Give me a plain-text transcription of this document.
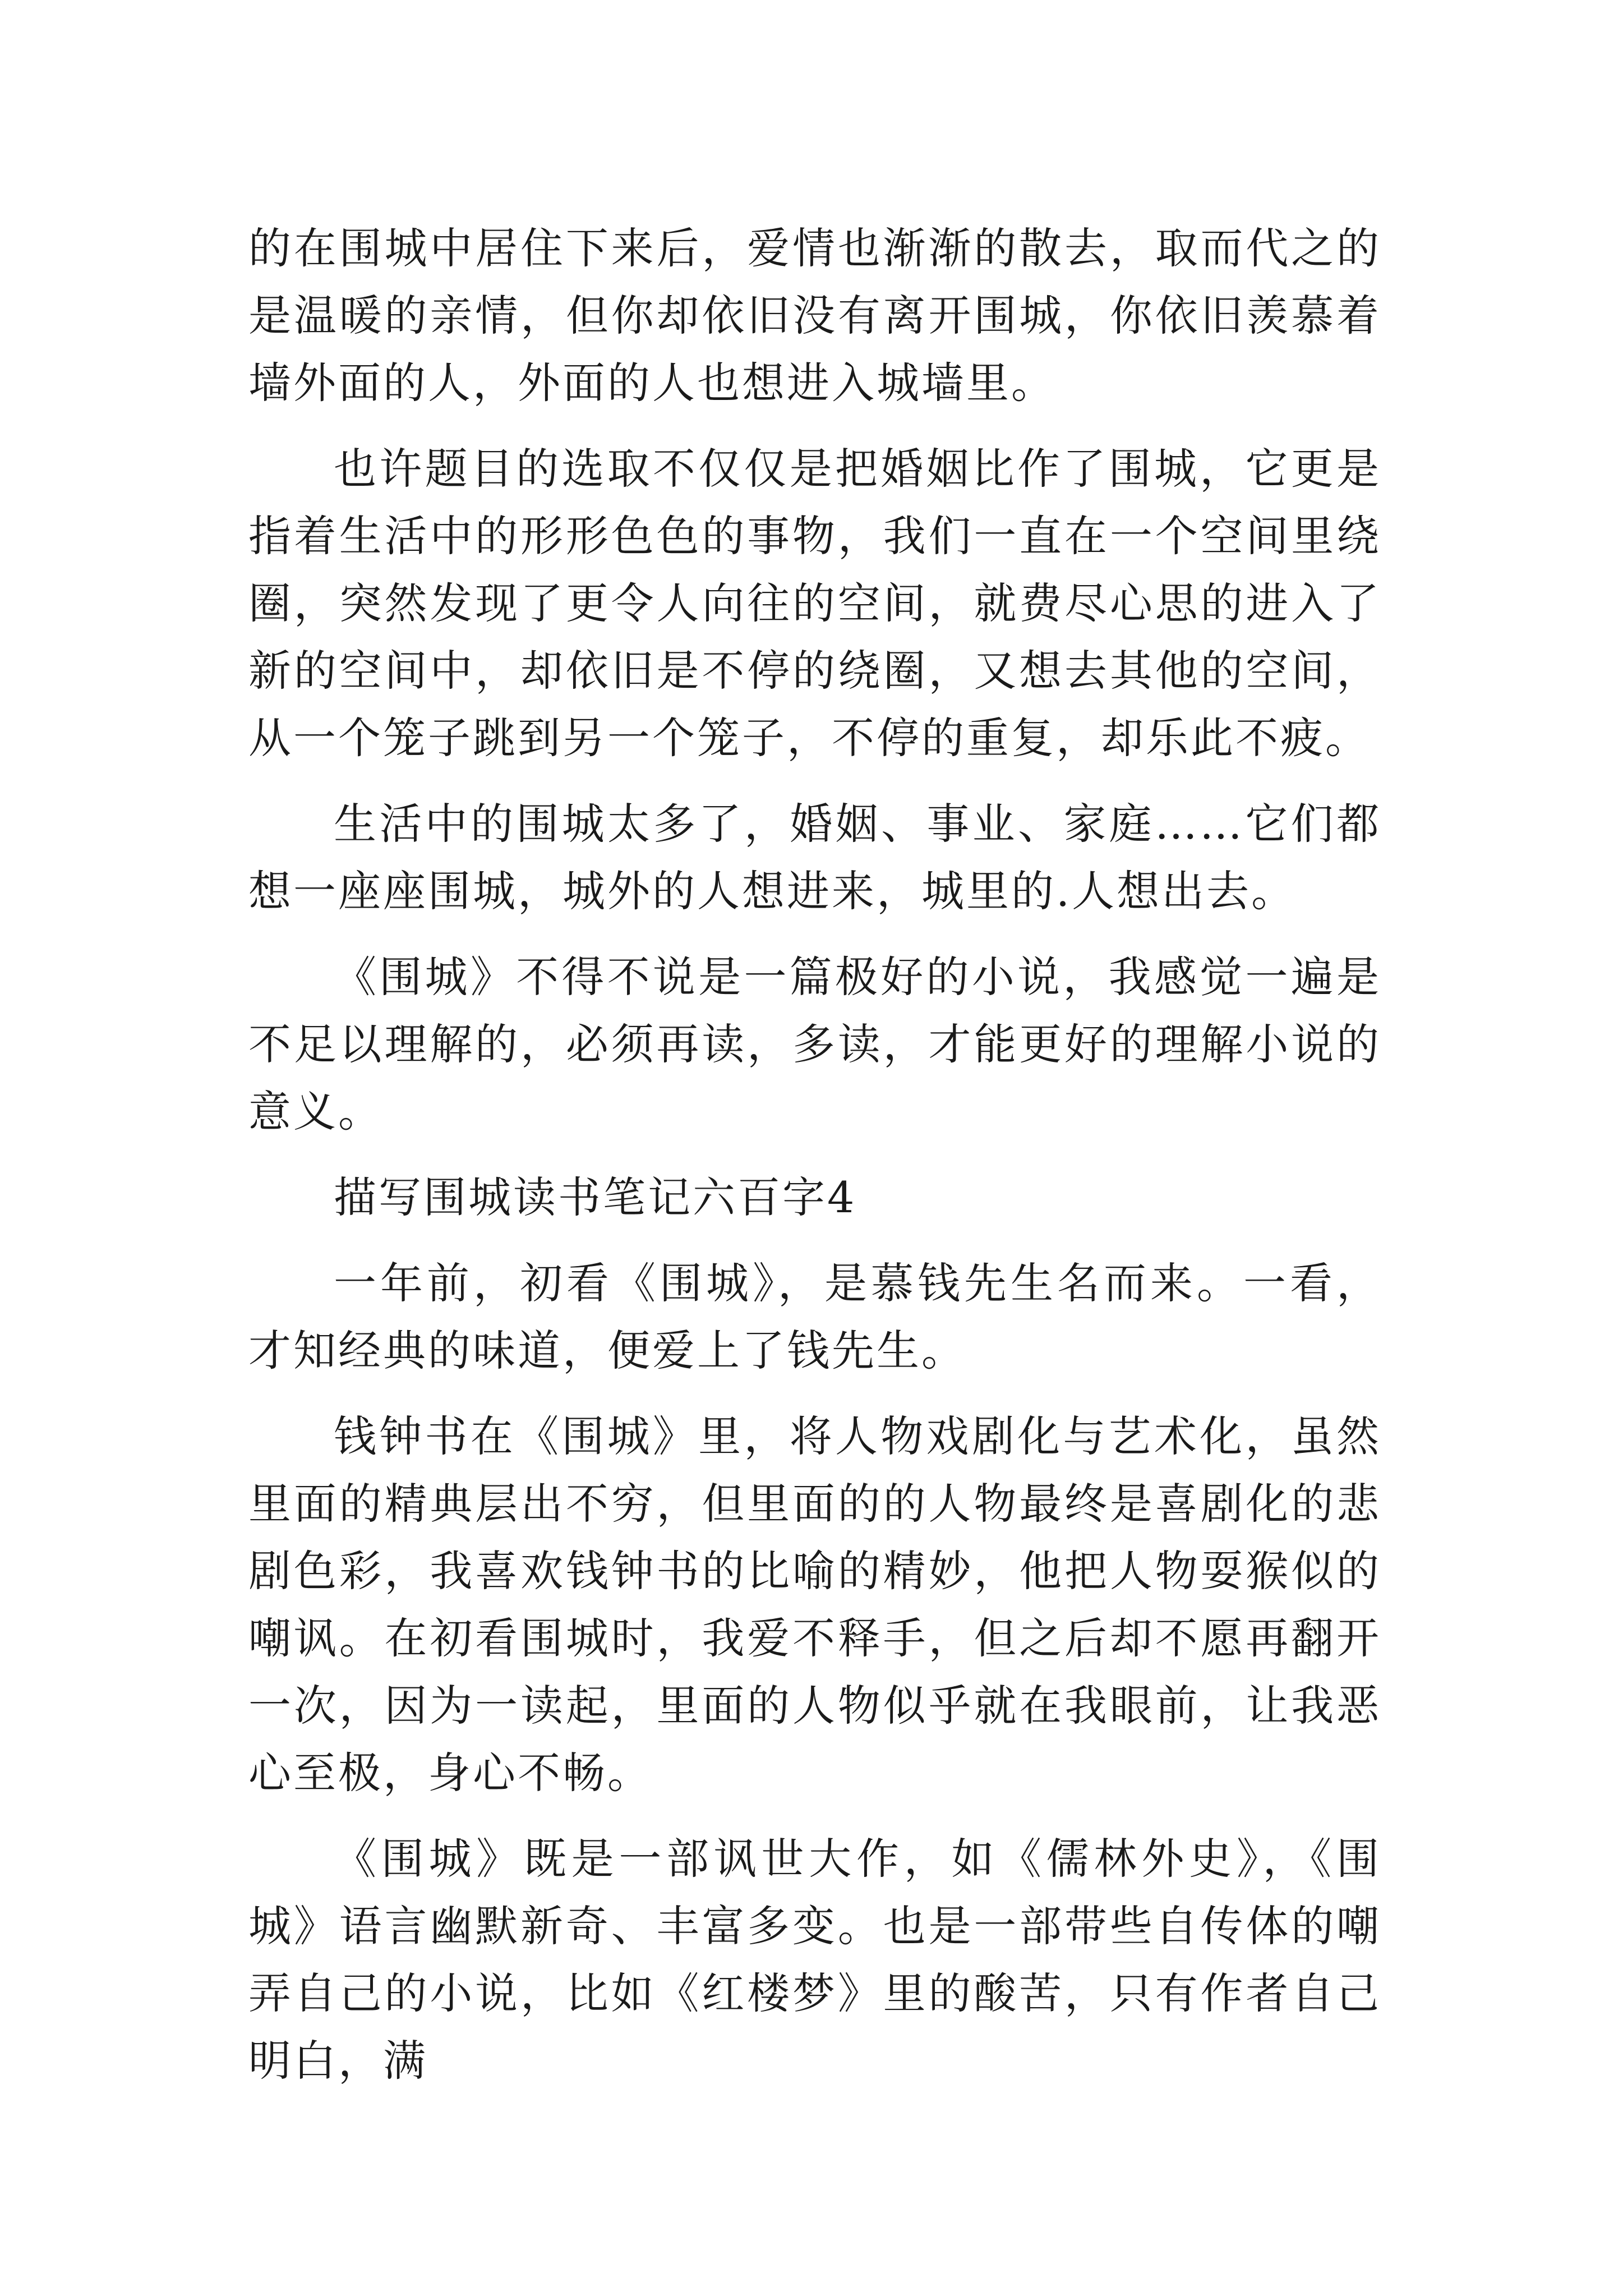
的在围城中居住下来后，爱情也渐渐的散去，取而代之的是温暖的亲情，但你却依旧没有离开围城，你依旧羡慕着墙外面的人，外面的人也想进入城墙里。

也许题目的选取不仅仅是把婚姻比作了围城，它更是指着生活中的形形色色的事物，我们一直在一个空间里绕圈，突然发现了更令人向往的空间，就费尽心思的进入了新的空间中，却依旧是不停的绕圈，又想去其他的空间，从一个笼子跳到另一个笼子，不停的重复，却乐此不疲。

生活中的围城太多了，婚姻、事业、家庭……它们都想一座座围城，城外的人想进来，城里的.人想出去。

《围城》不得不说是一篇极好的小说，我感觉一遍是不足以理解的，必须再读，多读，才能更好的理解小说的意义。

描写围城读书笔记六百字4

一年前，初看《围城》，是慕钱先生名而来。一看，才知经典的味道，便爱上了钱先生。

钱钟书在《围城》里，将人物戏剧化与艺术化，虽然里面的精典层出不穷，但里面的的人物最终是喜剧化的悲剧色彩，我喜欢钱钟书的比喻的精妙，他把人物耍猴似的嘲讽。在初看围城时，我爱不释手，但之后却不愿再翻开一次，因为一读起，里面的人物似乎就在我眼前，让我恶心至极，身心不畅。

《围城》既是一部讽世大作，如《儒林外史》，《围城》语言幽默新奇、丰富多变。也是一部带些自传体的嘲弄自己的小说，比如《红楼梦》里的酸苦，只有作者自己明白，满
